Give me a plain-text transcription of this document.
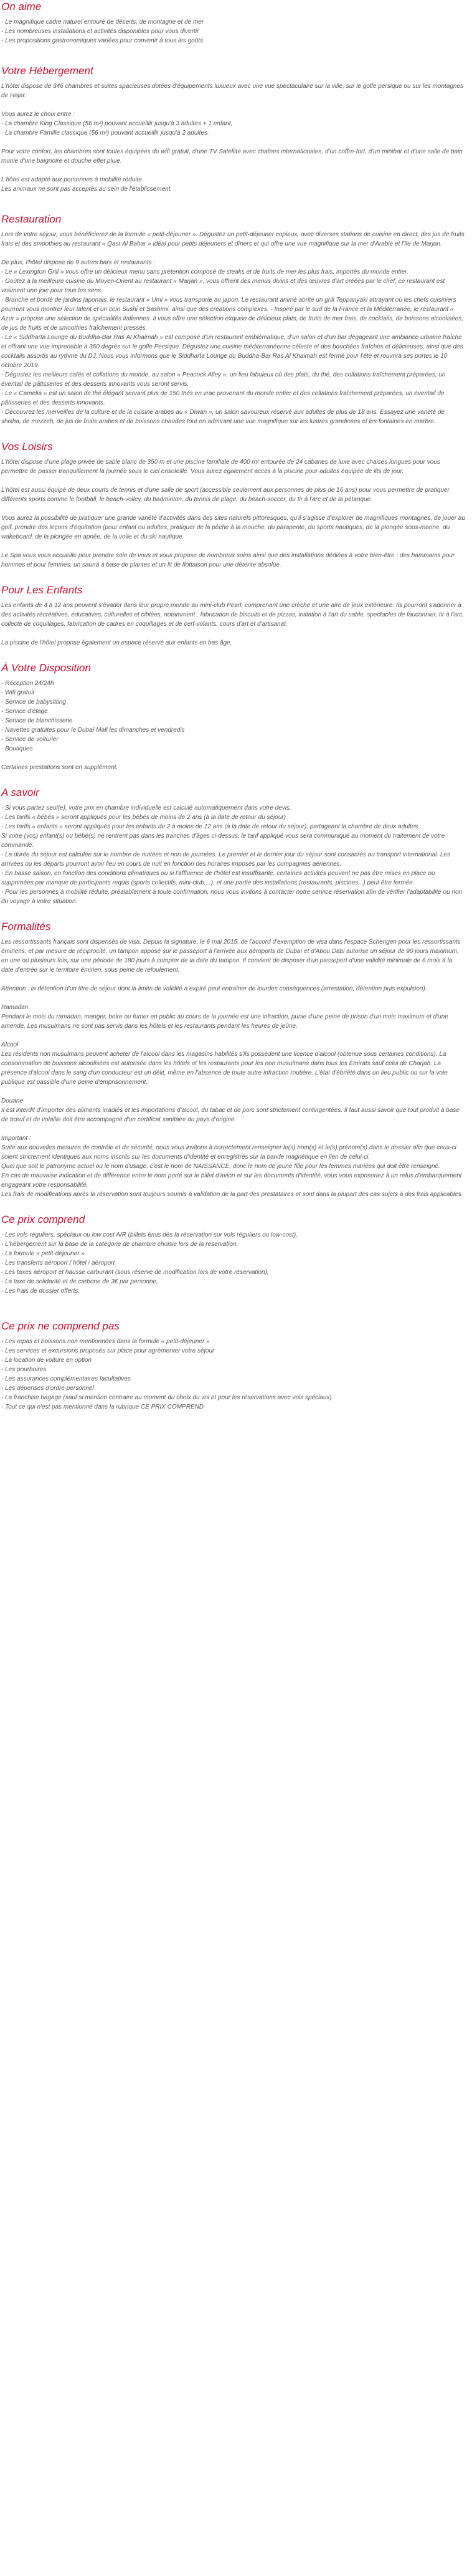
On aime
- Le magnifique cadre naturel entouré de déserts, de montagne et de mer
- Les nombreuses installations et activités disponibles pour vous divertir
- Les propositions gastronomiques variées pour convenir à tous les goûts
Votre Hébergement
L'hôtel dispose de 346 chambres et suites spacieuses dotées d'équipements luxueux avec une vue spectaculaire sur la ville, sur le golfe persique ou sur les montagnes de Hajar.
Vous aurez le choix entre :
- La chambre King Classique (56 m²) pouvant accueillir jusqu'à 3 adultes + 1 enfant,
- La chambre Famille classique (56 m²) pouvant accueillir jusqu'à 2 adultes.
Pour votre confort, les chambres sont toutes équipées du wifi gratuit, d'une TV Satellite avec chaînes internationales, d'un coffre-fort, d'un minibar et d'une salle de bain munie d'une baignoire et douche effet pluie.
L'hôtel est adapté aux personnes à mobilité réduite.
Les animaux ne sont pas acceptés au sein de l'établissement.
Restauration
Lors de votre séjour, vous bénéficierez de la formule « petit-déjeuner ». Dégustez un petit-déjeuner copieux, avec diverses stations de cuisine en direct, des jus de fruits frais et des smoothies au restaurant « Qasr Al Bahar » idéal pour petits déjeuners et dîners et qui offre une vue magnifique sur la mer d'Arabie et l'île de Marjan.
De plus, l'hôtel dispose de 9 autres bars et restaurants :
- Le « Lexington Grill » vous offre un délicieux menu sans prétention composé de steaks et de fruits de mer les plus frais, importés du monde entier.
- Goûtez à la meilleure cuisine du Moyen-Orient au restaurant « Marjan », vous offrent des menus divins et des œuvres d'art créées par le chef, ce restaurant est vraiment une joie pour tous les sens.
- Branché et bordé de jardins japonais, le restaurant « Umi » vous transporte au japon. Le restaurant animé abrite un grill Teppanyaki attrayant où les chefs cuisiniers pourront vous montrer leur talent et un coin Sushi et Sashimi, ainsi que des créations complexes. - Inspiré par le sud de la France et la Méditerranée, le restaurant « Azur » propose une sélection de spécialités italiennes. Il vous offre une sélection exquise de délicieux plats, de fruits de mer frais, de cocktails, de boissons alcoolisées, de jus de fruits et de smoothies fraîchement pressés.
- Le « Siddharta Lounge du Buddha-Bar Ras Al Khaimah » est composé d'un restaurant emblématique, d'un salon et d'un bar dégageant une ambiance urbaine fraîche et offrant une vue imprenable à 360 degrés sur le golfe Persique. Dégustez une cuisine méditerranéenne céleste et des bouchées fraîches et délicieuses, ainsi que des cocktails assortis au rythme du DJ. Nous vous informons que le Siddharta Lounge du Buddha-Bar Ras Al Khaimah est fermé pour l'été et rouvrira ses portes le 10 octobre 2019.
- Dégustez les meilleurs cafés et collations du monde, au salon « Peacock Alley », un lieu fabuleux où des plats, du thé, des collations fraîchement préparées, un éventail de pâtisseries et des desserts innovants vous seront servis.
- Le « Camelia » est un salon de thé élégant servant plus de 150 thés en vrac provenant du monde entier et des collations fraîchement préparées, un éventail de pâtisseries et des desserts innovants.
- Découvrez les merveilles de la culture et de la cuisine arabes au « Diwan », un salon savoureux réservé aux adultes de plus de 18 ans. Essayez une variété de shisha, de mezzeh, de jus de fruits arabes et de boissons chaudes tout en admirant une vue magnifique sur les lustres grandioses et les fontaines en marbre.
Vos Loisirs
L'hôtel dispose d'une plage privée de sable blanc de 350 m et une piscine familiale de 400 m² entourée de 24 cabanes de luxe avec chaises longues pour vous permettre de passer tranquillement la journée sous le ciel ensoleillé. Vous aurez également accès à la piscine pour adultes équipée de lits de jour.
L'hôtel est aussi équipé de deux courts de tennis et d'une salle de sport (accessible seulement aux personnes de plus de 16 ans) pour vous permettre de pratiquer différents sports comme le football, le beach-volley, du badminton, du tennis de plage, du beach-soccer, du tir à l'arc et de la pétanque.
Vous aurez la possibilité de pratiquer une grande variété d'activités dans des sites naturels pittoresques, qu'il s'agisse d'explorer de magnifiques montagnes, de jouer au golf, prendre des leçons d'équitation (pour enfant ou adultes, pratiquer de la pêche à la mouche, du parapente, du sports nautiques, de la plongée sous-marine, du wakeboard, de la plongée en apnée, de la voile et du ski nautique.
Le Spa vous vous accueille pour prendre soin de vous et vous propose de nombreux soins ainsi que des installations dédiées à votre bien-être : des hammams pour hommes et pour femmes, un sauna à base de plantes et un lit de flottaison pour une détente absolue.
Pour Les Enfants
Les enfants de 4 à 12 ans peuvent s'évader dans leur propre monde au mini-club Pearl, comprenant une crèche et une aire de jeux extérieure. Ils pourront s'adonner à des activités récréatives, éducatives, culturelles et ciblées, notamment : fabrication de biscuits et de pizzas, initiation à l'art du sable, spectacles de fauconnier, tir à l'arc, collecte de coquillages, fabrication de cadres en coquillages et de cerf-volants, cours d'art et d'artisanat.
La piscine de l'hôtel propose également un espace réservé aux enfants en bas âge.
À Votre Disposition
- Réception 24/24h
- Wifi gratuit
- Service de babysitting
- Service d'étage
- Service de blanchisserie
- Navettes gratuites pour le Dubaï Mall les dimanches et vendredis
- Service de voiturier
- Boutiques
Certaines prestations sont en supplément.
A savoir
- Si vous partez seul(e), votre prix en chambre individuelle est calculé automatiquement dans votre devis.
- Les tarifs « bébés » seront appliqués pour les bébés de moins de 2 ans (à la date de retour du séjour).
- Les tarifs « enfants » seront appliqués pour les enfants de 2 à moins de 12 ans (à la date de retour du séjour), partageant la chambre de deux adultes.
Si votre (vos) enfant(s) ou bébé(s) ne rentrent pas dans les tranches d'âges ci-dessus, le tarif appliqué vous sera communiqué au moment du traitement de votre commande.
- La durée du séjour est calculée sur le nombre de nuitées et non de journées. Le premier et le dernier jour du séjour sont consacrés au transport international. Les arrivées ou les départs pourront avoir lieu en cours de nuit en fonction des horaires imposés par les compagnies aériennes.
- En basse saison, en fonction des conditions climatiques ou si l'affluence de l'hôtel est insuffisante, certaines activités peuvent ne pas être mises en place ou supprimées par manque de participants requis (sports collectifs, mini-club,...), et une partie des installations (restaurants, piscines...) peut être fermée.
- Pour les personnes à mobilité réduite, préalablement à toute confirmation, nous vous invitons à contacter notre service réservation afin de vérifier l'adaptabilité ou non du voyage à votre situation.
Formalités
Les ressortissants français sont dispensés de visa. Depuis la signature, le 6 mai 2015, de l'accord d'exemption de visa dans l'espace Schengen pour les ressortissants émiriens, et par mesure de réciprocité, un tampon apposé sur le passeport à l'arrivée aux aéroports de Dubaï et d'Abou Dabi autorise un séjour de 90 jours maximum, en une ou plusieurs fois, sur une période de 180 jours à compter de la date du tampon. Il convient de disposer d'un passeport d'une validité minimale de 6 mois à la date d'entrée sur le territoire émirien, sous peine de refoulement.
Attention : la détention d'un titre de séjour dont la limite de validité a expiré peut entraîner de lourdes conséquences (arrestation, détention puis expulsion).
Ramadan
Pendant le mois du ramadan, manger, boire ou fumer en public au cours de la journée est une infraction, punie d'une peine de prison d'un mois maximum et d'une amende. Les musulmans ne sont pas servis dans les hôtels et les restaurants pendant les heures de jeûne.
Alcool
Les résidents non musulmans peuvent acheter de l'alcool dans les magasins habilités s'ils possèdent une licence d'alcool (obtenue sous certaines conditions). La consommation de boissons alcoolisées est autorisée dans les hôtels et les restaurants pour les non musulmans dans tous les Émirats sauf celui de Charjah. La présence d'alcool dans le sang d'un conducteur est un délit, même en l'absence de toute autre infraction routière. L'état d'ébriété dans un lieu public ou sur la voie publique est passible d'une peine d'emprisonnement.
Douane
Il est interdit d'importer des aliments irradiés et les importations d'alcool, du tabac et de porc sont strictement contingentées. Il faut aussi savoir que tout produit à base de bœuf et de volaille doit être accompagné d'un certificat sanitaire du pays d'origine.
Important :
Suite aux nouvelles mesures de contrôle et de sécurité, nous vous invitons à correctement renseigner le(s) nom(s) et le(s) prénom(s) dans le dossier afin que ceux-ci soient strictement identiques aux noms inscrits sur les documents d'identité et enregistrés sur la bande magnétique en lien de celui-ci.
Quel que soit le patronyme actuel ou le nom d'usage, c'est le nom de NAISSANCE, donc le nom de jeune fille pour les femmes mariées qui doit être renseigné.
En cas de mauvaise indication et de différence entre le nom porté sur le billet d'avion et sur les documents d'identité, vous vous exposeriez à un refus d'embarquement engageant votre responsabilité.
Les frais de modifications après la réservation sont toujours soumis à validation de la part des prestataires et sont dans la plupart des cas sujets à des frais applicables.
Ce prix comprend
- Les vols réguliers, spéciaux ou low cost A/R (billets émis dès la réservation sur vols réguliers ou low-cost),
- L'hébergement sur la base de la catégorie de chambre choisie lors de la réservation,
- La formule « petit-déjeuner »
- Les transferts aéroport / hôtel / aéroport
- Les taxes aéroport et hausse carburant (sous réserve de modification lors de votre réservation),
- La taxe de solidarité et de carbone de 3€ par personne,
- Les frais de dossier offerts.
Ce prix ne comprend pas
- Les repas et boissons non mentionnées dans la formule « petit-déjeuner »
- Les services et excursions proposés sur place pour agrémenter votre séjour
- La location de voiture en option
- Les pourboires
- Les assurances complémentaires facultatives
- Les dépenses d'ordre personnel
- La franchise bagage (sauf si mention contraire au moment du choix du vol et pour les réservations avec vols spéciaux)
- Tout ce qui n'est pas mentionné dans la rubrique CE PRIX COMPREND
